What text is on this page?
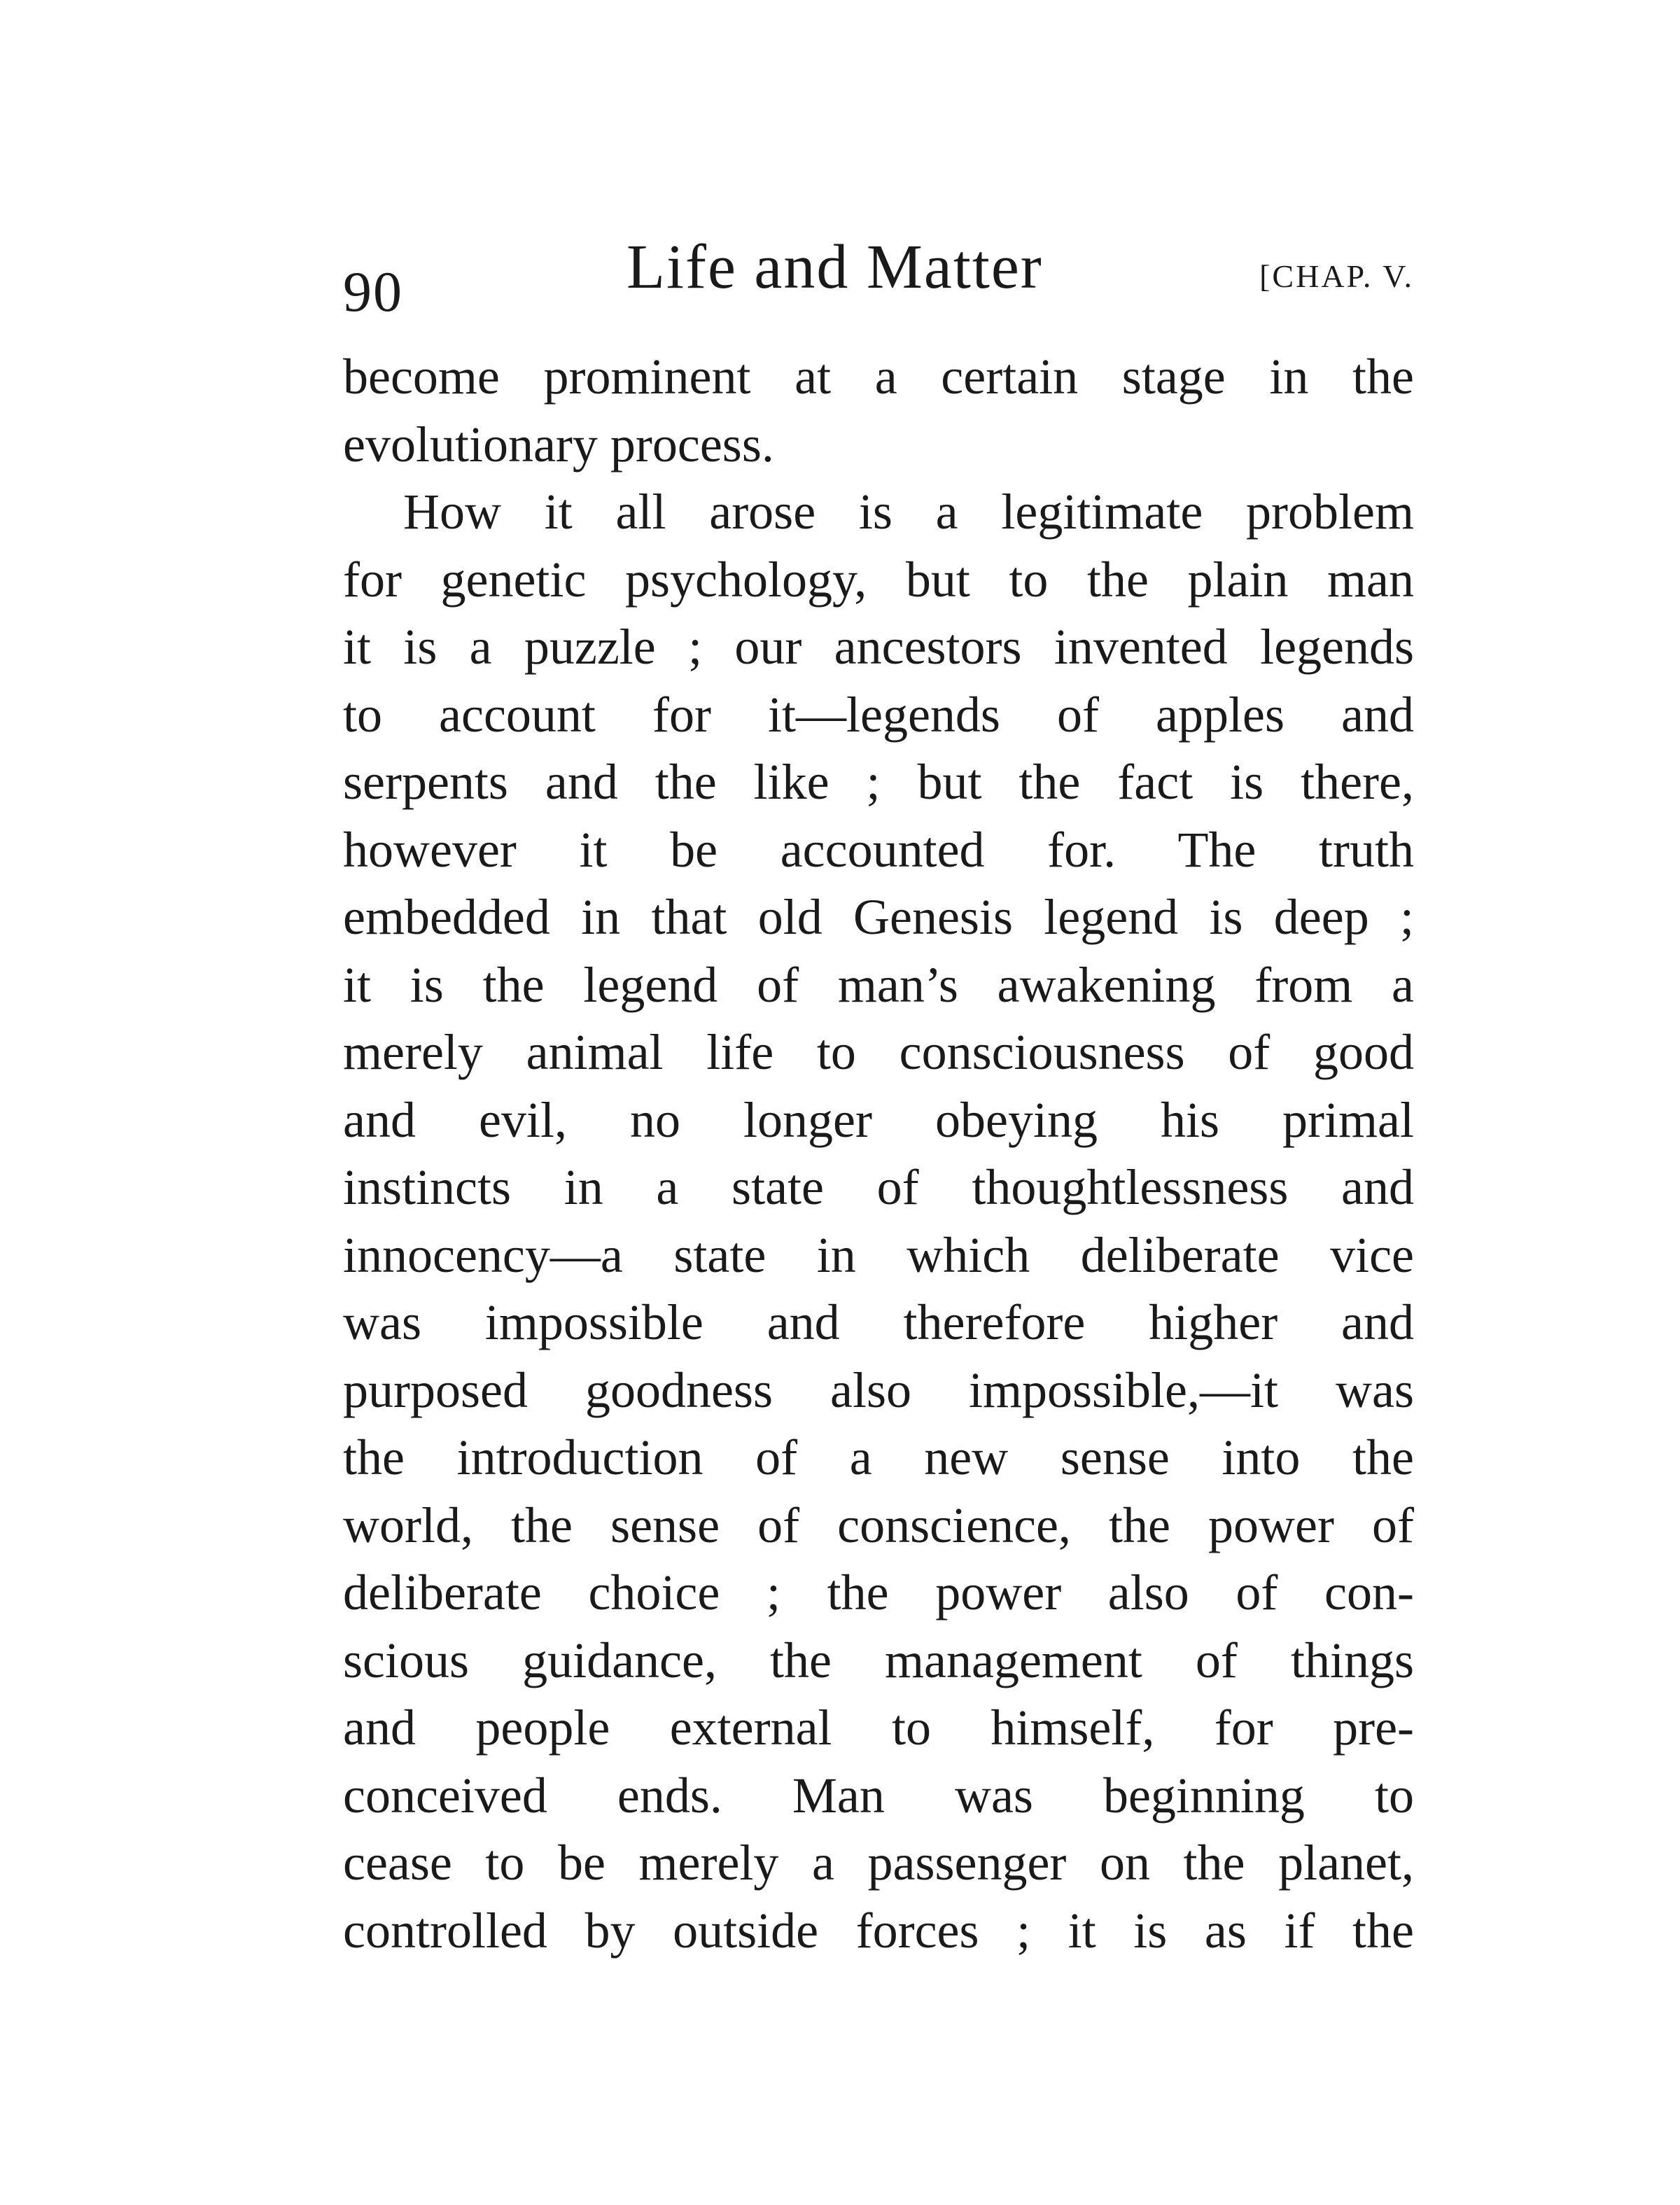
90	Life and Matter	[CHAP. V.
become prominent at a certain stage in the
evolutionary process.
How it all arose is a legitimate problem
for genetic psychology, but to the plain man
it is a puzzle ; our ancestors invented legends
to account for it—legends of apples and
serpents and the like ; but the fact is there,
however it be accounted for. The truth
embedded in that old Genesis legend is deep ;
it is the legend of man’s awakening from a
merely animal life to consciousness of good
and evil, no longer obeying his primal
instincts in a state of thoughtlessness and
innocency—a state in which deliberate vice
was impossible and therefore higher and
purposed goodness also impossible,—it was
the introduction of a new sense into the
world, the sense of conscience, the power of
deliberate choice ; the power also of con-
scious guidance, the management of things
and people external to himself, for pre-
conceived ends. Man was beginning to
cease to be merely a passenger on the planet,
controlled by outside forces ; it is as if the
